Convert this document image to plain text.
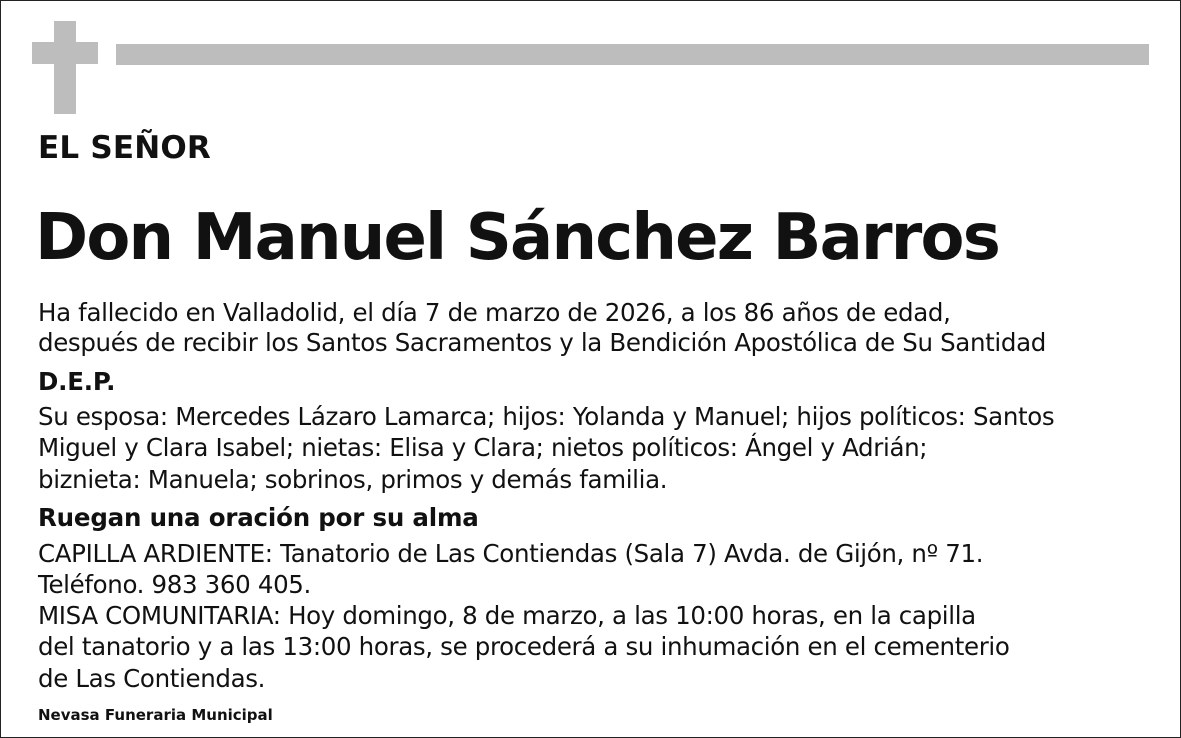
EL SEÑOR
Don Manuel Sánchez Barros
Ha fallecido en Valladolid, el día 7 de marzo de 2026, a los 86 años de edad,
después de recibir los Santos Sacramentos y la Bendición Apostólica de Su Santidad
D.E.P.
Su esposa: Mercedes Lázaro Lamarca; hijos: Yolanda y Manuel; hijos políticos: Santos
Miguel y Clara Isabel; nietas: Elisa y Clara; nietos políticos: Ángel y Adrián;
biznieta: Manuela; sobrinos, primos y demás familia.
Ruegan una oración por su alma
CAPILLA ARDIENTE: Tanatorio de Las Contiendas (Sala 7) Avda. de Gijón, nº 71.
Teléfono. 983 360 405.
MISA COMUNITARIA: Hoy domingo, 8 de marzo, a las 10:00 horas, en la capilla
del tanatorio y a las 13:00 horas, se procederá a su inhumación en el cementerio
de Las Contiendas.
Nevasa Funeraria Municipal
